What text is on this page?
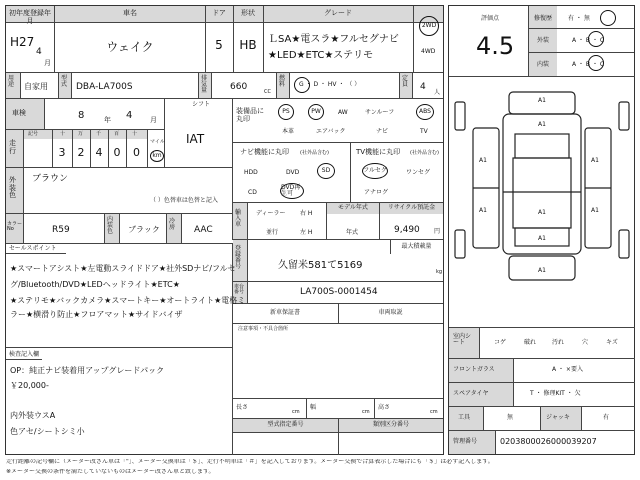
初年度登録年月
車名	ドア	形状	グレード
H27
4
月
ウェイク	5	HB	ＬSA★電スラ★フルセグナビ
★LED★ETC★ステリモ
2WD
4WD
用途	自家用
型式 DBA-LA700S
排気量	660	CC
燃料	G ・ D ・ HV ・ （ ）
定員	4
人
車検	8	年 4	月
シフト
IAT
走行
記号	十	万	千	百	十
マイル
3	2	4	0	0	km
外装色
ブラウン
（ ）色替車は色替と記入
カラーNo	R59
内装色	ブラック
冷房	AAC
装備品に丸印
PS	PW	AW	サンルーフ	ABS
本革	エアバック	ナビ	TV
ナビ機能に丸印 (社外品含む)
HDD	DVD	SD
CD
DVD再生可
TV機能に丸印 (社外品含む)
フルセグ	ワンセグ
アナログ
輸入車
ディーラー
並行
右 H
左 H
モデル年式
年式
リサイクル預託金
9,490 円
登録番号	久留米581て5169
最大積載量
kg
車台番号	LA700S-0001454
新車保証書	車両取説
注意事項・不具合箇所
セールスポイント
★スマートアシスト★左電動スライドドア★社外SDナビ/フルセ
グ/Bluetooth/DVD★LEDヘッドライト★ETC★
★ステリモ★バックカメラ★スマートキー★オートライト★電格ミ
ラー★横滑り防止★フロアマット★サイドバイザ
検査記入欄
OP：純正ナビ装着用アップグレードパック
￥20,000-
内外装ウスA
色アセ/シートシミ小
長さ
cm
幅
cm
高さ
cm
型式指定番号	類別区分番号
評価点
4.5
修復歴	有 ・ 無
外装	A ・ B ・ C
内装	A ・ B ・ C
A1
A1
A1
A1
A1
A1
A1
A1
A1
室内シート	コゲ	破れ	汚れ	穴	キズ
フロントガラス	A ・ ×要入
スペアタイヤ	T ・ 修理KIT ・ 欠
工具	無	ジャッキ	有
管理番号	0203800026000039207
走行距離の記号欄に（メーター改ざん車は「"」、メーター交換車は「＄」、走行不明車は「＃」を記入しております。メーター交換で合算表示した場合にも「＄」は必ず記入します。
※メーター交換の条件を満たしていないものはメーター改ざん車と致します。
